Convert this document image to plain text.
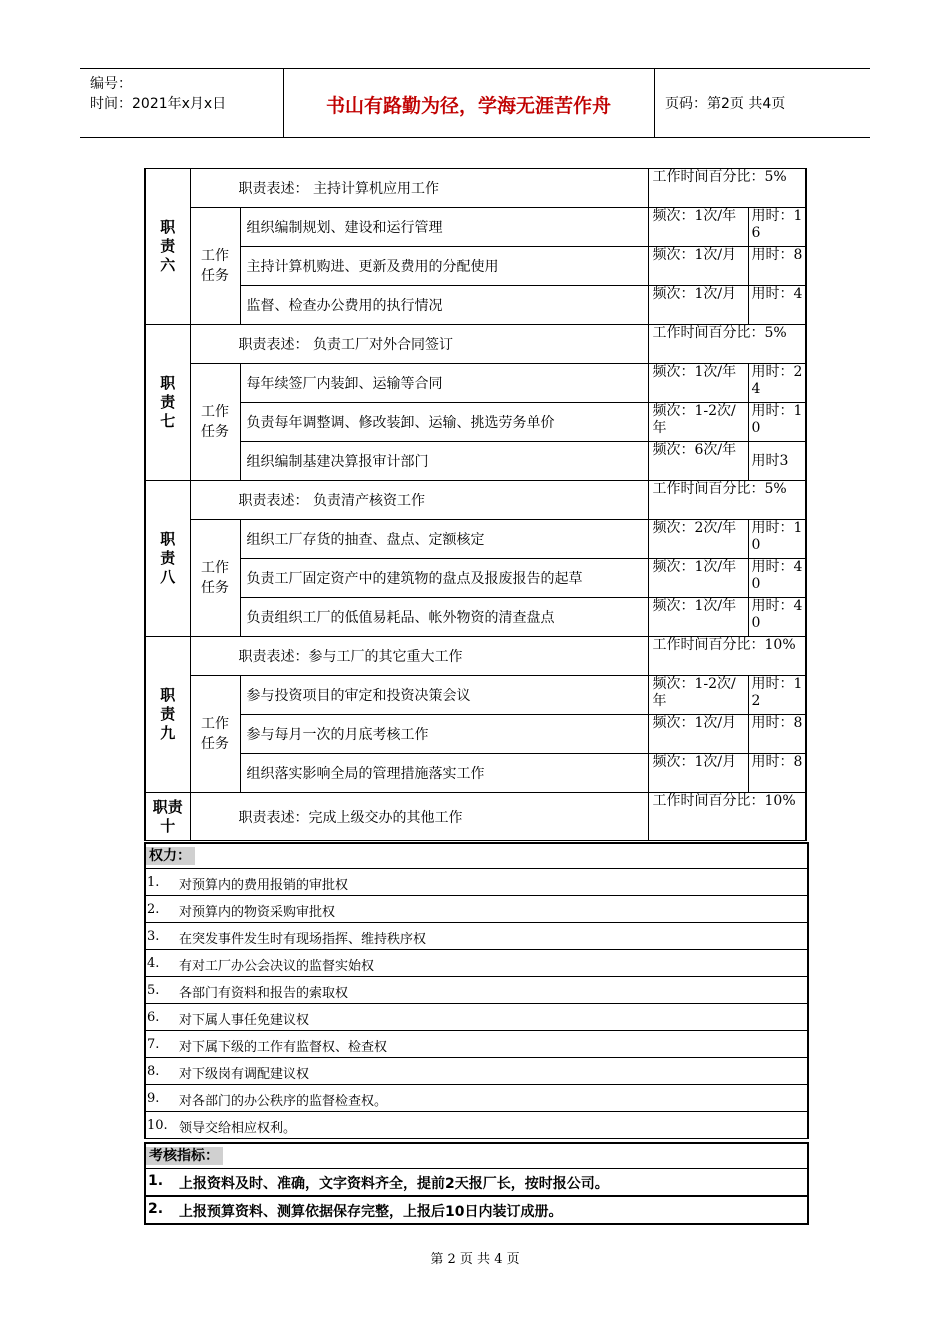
编号：
时间：2021年x月x日	书山有路勤为径，学海无涯苦作舟	页码：第2页 共4页
职
责
六	职责表述： 主持计算机应用工作		工作时间百分比：5%	
	工作任务	组织编制规划、建设和运行管理	频次：1次/年	用时：16
		主持计算机购进、更新及费用的分配使用	频次：1次/月	用时：8
		监督、检查办公费用的执行情况	频次：1次/月	用时：4

职
责
七	职责表述： 负责工厂对外合同签订		工作时间百分比：5%	
	工作任务	每年续签厂内装卸、运输等合同	频次：1次/年	用时：24
		负责每年调整调、修改装卸、运输、挑选劳务单价	频次：1-2次/年	用时：10
		组织编制基建决算报审计部门	频次：6次/年	用时3

职
责
八	职责表述： 负责清产核资工作		工作时间百分比：5%	
	工作任务	组织工厂存货的抽查、盘点、定额核定	频次：2次/年	用时：10
		负责工厂固定资产中的建筑物的盘点及报废报告的起草	频次：1次/年	用时：40
		负责组织工厂的低值易耗品、帐外物资的清查盘点	频次：1次/年	用时：40

职
责
九	职责表述：参与工厂的其它重大工作		工作时间百分比：10%	
	工作任务	参与投资项目的审定和投资决策会议	频次：1-2次/年	用时：12
		参与每月一次的月底考核工作	频次：1次/月	用时：8
		组织落实影响全局的管理措施落实工作	频次：1次/月	用时：8

职责
十	职责表述：完成上级交办的其他工作		工作时间百分比：10%	
权力：
1. 对预算内的费用报销的审批权
2. 对预算内的物资采购审批权
3. 在突发事件发生时有现场指挥、维持秩序权
4. 有对工厂办公会决议的监督实始权
5. 各部门有资料和报告的索取权
6. 对下属人事任免建议权
7. 对下属下级的工作有监督权、检查权
8. 对下级岗有调配建议权
9. 对各部门的办公秩序的监督检查权。
10. 领导交给相应权利。
考核指标：
1. 上报资料及时、准确，文字资料齐全，提前2天报厂长，按时报公司。
2. 上报预算资料、测算依据保存完整，上报后10日内装订成册。
第 2 页 共 4 页
